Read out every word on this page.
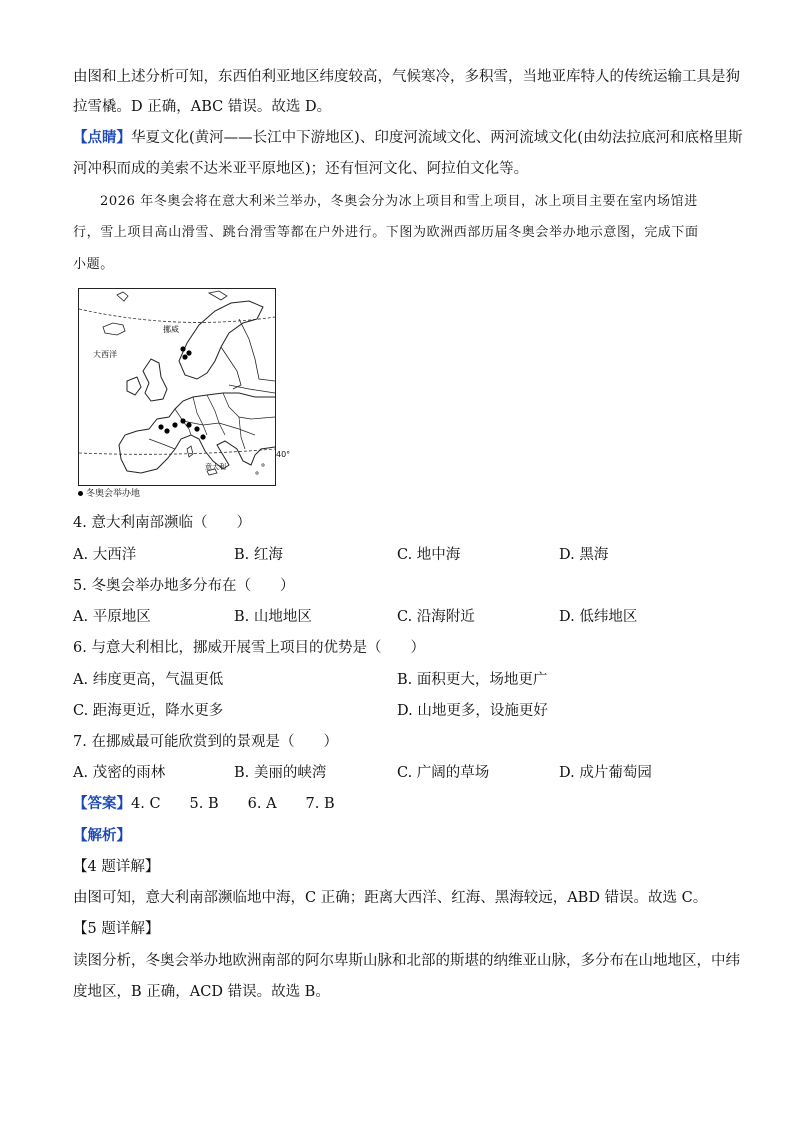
由图和上述分析可知，东西伯利亚地区纬度较高，气候寒冷，多积雪，当地亚库特人的传统运输工具是狗
拉雪橇。D 正确，ABC 错误。故选 D。
【点睛】华夏文化(黄河——长江中下游地区)、印度河流域文化、两河流域文化(由幼法拉底河和底格里斯
河冲积而成的美索不达米亚平原地区)；还有恒河文化、阿拉伯文化等。
2026 年冬奥会将在意大利米兰举办，冬奥会分为冰上项目和雪上项目，冰上项目主要在室内场馆进
行，雪上项目高山滑雪、跳台滑雪等都在户外进行。下图为欧洲西部历届冬奥会举办地示意图，完成下面
小题。
挪威
大西洋
意大利
40°
冬奥会举办地
4. 意大利南部濒临（　　）
A. 大西洋	B. 红海	C. 地中海	D. 黑海
5. 冬奥会举办地多分布在（　　）
A. 平原地区	B. 山地地区	C. 沿海附近	D. 低纬地区
6. 与意大利相比，挪威开展雪上项目的优势是（　　）
A. 纬度更高，气温更低	B. 面积更大，场地更广
C. 距海更近，降水更多	D. 山地更多，设施更好
7. 在挪威最可能欣赏到的景观是（　　）
A. 茂密的雨林	B. 美丽的峡湾	C. 广阔的草场	D. 成片葡萄园
【答案】4. C　　5. B　　6. A　　7. B
【解析】
【4 题详解】
由图可知，意大利南部濒临地中海，C 正确；距离大西洋、红海、黑海较远，ABD 错误。故选 C。
【5 题详解】
读图分析，冬奥会举办地欧洲南部的阿尔卑斯山脉和北部的斯堪的纳维亚山脉，多分布在山地地区，中纬
度地区，B 正确，ACD 错误。故选 B。
